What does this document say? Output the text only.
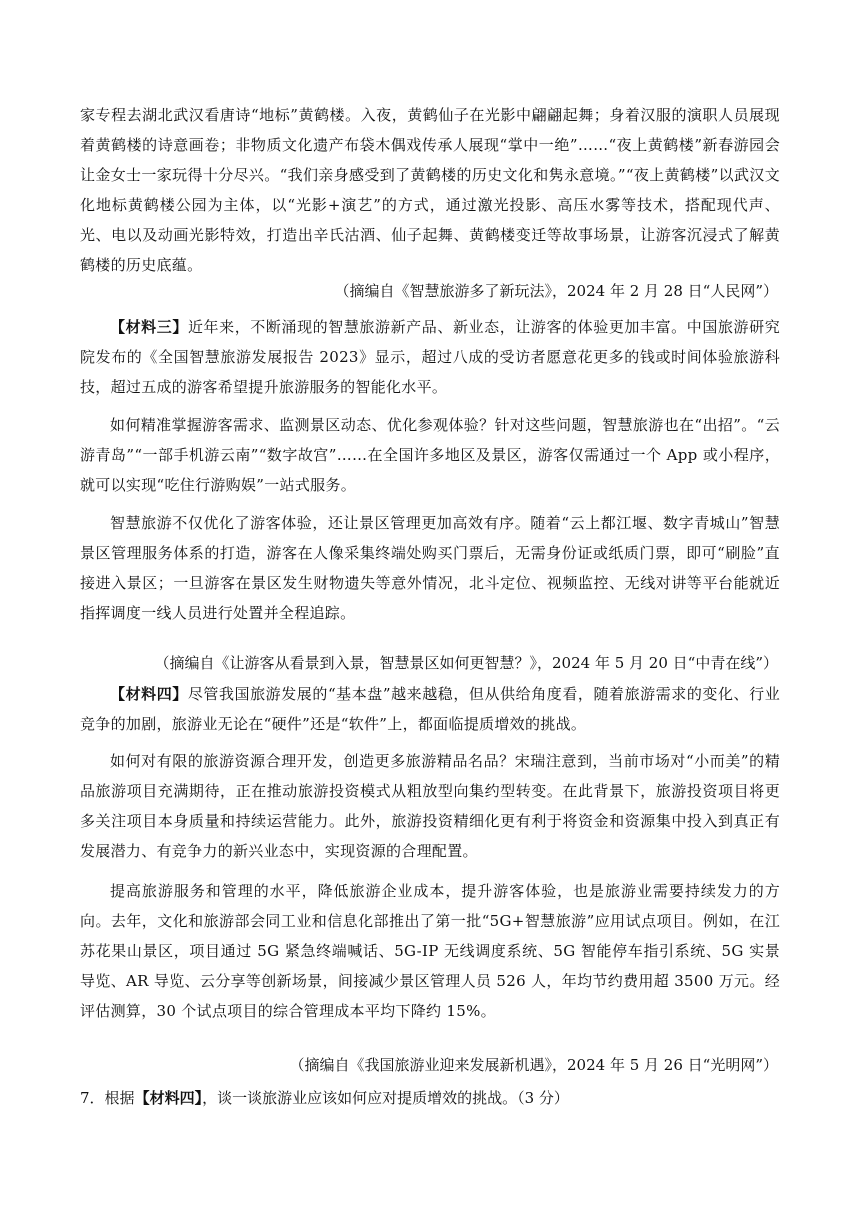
家专程去湖北武汉看唐诗“地标”黄鹤楼。入夜，黄鹤仙子在光影中翩翩起舞；身着汉服的演职人员展现着黄鹤楼的诗意画卷；非物质文化遗产布袋木偶戏传承人展现“掌中一绝”……“夜上黄鹤楼”新春游园会让金女士一家玩得十分尽兴。“我们亲身感受到了黄鹤楼的历史文化和隽永意境。”“夜上黄鹤楼”以武汉文化地标黄鹤楼公园为主体，以“光影+演艺”的方式，通过激光投影、高压水雾等技术，搭配现代声、光、电以及动画光影特效，打造出辛氏沽酒、仙子起舞、黄鹤楼变迁等故事场景，让游客沉浸式了解黄鹤楼的历史底蕴。

（摘编自《智慧旅游多了新玩法》，2024 年 2 月 28 日“人民网”）

【材料三】近年来，不断涌现的智慧旅游新产品、新业态，让游客的体验更加丰富。中国旅游研究院发布的《全国智慧旅游发展报告 2023》显示，超过八成的受访者愿意花更多的钱或时间体验旅游科技，超过五成的游客希望提升旅游服务的智能化水平。

如何精准掌握游客需求、监测景区动态、优化参观体验？针对这些问题，智慧旅游也在“出招”。“云游青岛”“一部手机游云南”“数字故宫”……在全国许多地区及景区，游客仅需通过一个 App 或小程序，就可以实现“吃住行游购娱”一站式服务。

智慧旅游不仅优化了游客体验，还让景区管理更加高效有序。随着“云上都江堰、数字青城山”智慧景区管理服务体系的打造，游客在人像采集终端处购买门票后，无需身份证或纸质门票，即可“刷脸”直接进入景区；一旦游客在景区发生财物遗失等意外情况，北斗定位、视频监控、无线对讲等平台能就近指挥调度一线人员进行处置并全程追踪。

（摘编自《让游客从看景到入景，智慧景区如何更智慧？》，2024 年 5 月 20 日“中青在线”）

【材料四】尽管我国旅游发展的“基本盘”越来越稳，但从供给角度看，随着旅游需求的变化、行业竞争的加剧，旅游业无论在“硬件”还是“软件”上，都面临提质增效的挑战。

如何对有限的旅游资源合理开发，创造更多旅游精品名品？宋瑞注意到，当前市场对“小而美”的精品旅游项目充满期待，正在推动旅游投资模式从粗放型向集约型转变。在此背景下，旅游投资项目将更多关注项目本身质量和持续运营能力。此外，旅游投资精细化更有利于将资金和资源集中投入到真正有发展潜力、有竞争力的新兴业态中，实现资源的合理配置。

提高旅游服务和管理的水平，降低旅游企业成本，提升游客体验，也是旅游业需要持续发力的方向。去年，文化和旅游部会同工业和信息化部推出了第一批“5G+智慧旅游”应用试点项目。例如，在江苏花果山景区，项目通过 5G 紧急终端喊话、5G-IP 无线调度系统、5G 智能停车指引系统、5G 实景导览、AR 导览、云分享等创新场景，间接减少景区管理人员 526 人，年均节约费用超 3500 万元。经评估测算，30 个试点项目的综合管理成本平均下降约 15%。

（摘编自《我国旅游业迎来发展新机遇》，2024 年 5 月 26 日“光明网”）

7．根据【材料四】，谈一谈旅游业应该如何应对提质增效的挑战。（3 分）
